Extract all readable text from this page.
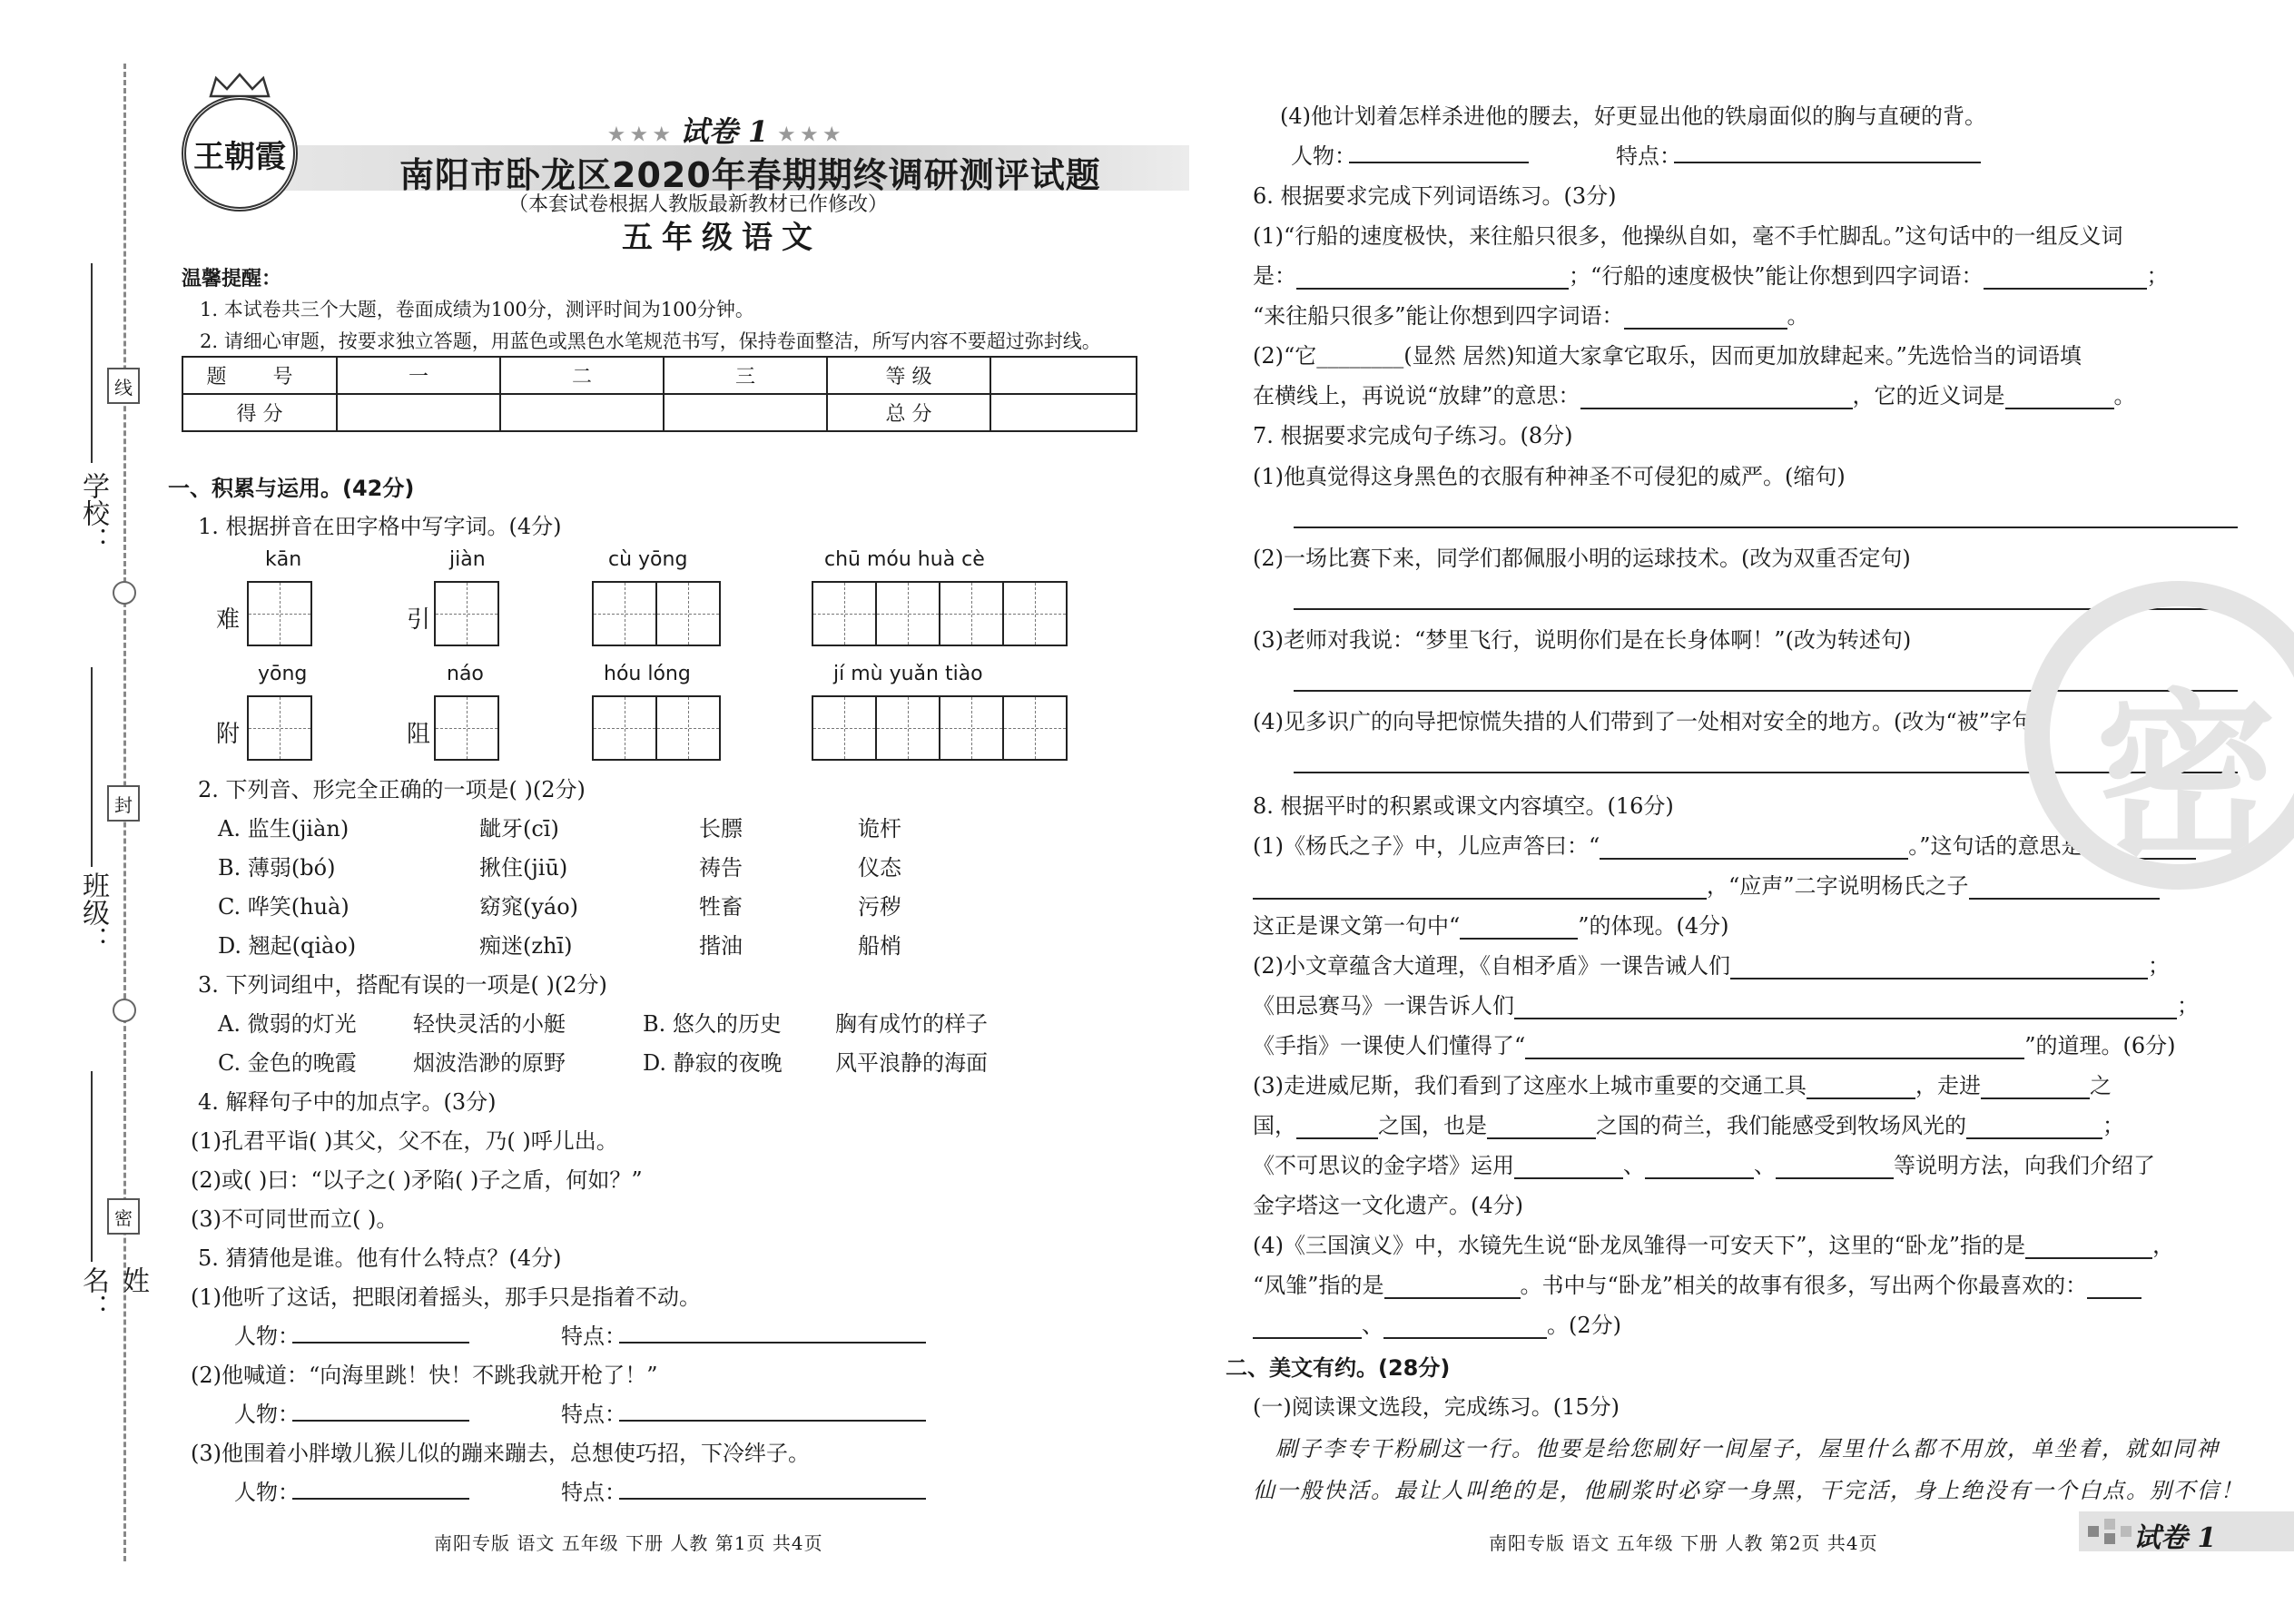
线
封
密
学校：
班级：
姓名：
王朝霞
★ ★ ★ 试卷 1 ★ ★ ★
南阳市卧龙区2020年春期期终调研测评试题
（本套试卷根据人教版最新教材已作修改）
五年级语文
温馨提醒：
1. 本试卷共三个大题，卷面成绩为100分，测评时间为100分钟。
2. 请细心审题，按要求独立答题，用蓝色或黑色水笔规范书写，保持卷面整洁，所写内容不要超过弥封线。
题 号	一	二	三	等 级	
得 分				总 分	
一、积累与运用。(42分)
1. 根据拼音在田字格中写字词。(4分)
kān
难
jiàn
引
cù yōng	chū móu huà cè
yōng
附
náo
阻
hóu lóng	jí mù yuǎn tiào
2. 下列音、形完全正确的一项是( )(2分)
A. 监生(jiàn)	龇牙(cī)	长膘	诡杆
B. 薄弱(bó)	揪住(jiū)	祷告	仪态
C. 哗笑(huà)	窈窕(yáo)	牲畜	污秽
D. 翘起(qiào)	痴迷(zhī)	揩油	船梢
3. 下列词组中，搭配有误的一项是( )(2分)
A. 微弱的灯光	轻快灵活的小艇	B. 悠久的历史 胸有成竹的样子
C. 金色的晚霞	烟波浩渺的原野	D. 静寂的夜晚 风平浪静的海面
4. 解释句子中的加点字。(3分)
(1)孔君平诣( )其父，父不在，乃( )呼儿出。
(2)或( )曰：“以子之( )矛陷( )子之盾，何如？”
(3)不可同世而立( )。
5. 猜猜他是谁。他有什么特点？(4分)
(1)他听了这话，把眼闭着摇头，那手只是指着不动。
人物：	特点：
(2)他喊道：“向海里跳！快！不跳我就开枪了！”
人物：	特点：
(3)他围着小胖墩儿猴儿似的蹦来蹦去，总想使巧招，下冷绊子。
人物：	特点：
南阳专版 语文 五年级 下册 人教 第1页 共4页
(4)他计划着怎样杀进他的腰去，好更显出他的铁扇面似的胸与直硬的背。
人物：	特点：
6. 根据要求完成下列词语练习。(3分)
(1)“行船的速度极快，来往船只很多，他操纵自如，毫不手忙脚乱。”这句话中的一组反义词
是：	；“行船的速度极快”能让你想到四字词语：	；
“来往船只很多”能让你想到四字词语：	。
(2)“它________(显然 居然)知道大家拿它取乐，因而更加放肆起来。”先选恰当的词语填
在横线上，再说说“放肆”的意思：	，它的近义词是	。
7. 根据要求完成句子练习。(8分)
(1)他真觉得这身黑色的衣服有种神圣不可侵犯的威严。(缩句)
(2)一场比赛下来，同学们都佩服小明的运球技术。(改为双重否定句)
(3)老师对我说：“梦里飞行，说明你们是在长身体啊！”(改为转述句)
(4)见多识广的向导把惊慌失措的人们带到了一处相对安全的地方。(改为“被”字句)
8. 根据平时的积累或课文内容填空。(16分)
(1)《杨氏之子》中，儿应声答曰：“	。”这句话的意思是：
，“应声”二字说明杨氏之子
这正是课文第一句中“	”的体现。(4分)
(2)小文章蕴含大道理，《自相矛盾》一课告诫人们	；
《田忌赛马》一课告诉人们	；
《手指》一课使人们懂得了“	”的道理。(6分)
(3)走进威尼斯，我们看到了这座水上城市重要的交通工具	，走进	之
国，	之国，也是	之国的荷兰，我们能感受到牧场风光的	；
《不可思议的金字塔》运用	、	、	等说明方法，向我们介绍了
金字塔这一文化遗产。(4分)
(4)《三国演义》中，水镜先生说“卧龙凤雏得一可安天下”，这里的“卧龙”指的是	，
“凤雏”指的是	。书中与“卧龙”相关的故事有很多，写出两个你最喜欢的：
、	。(2分)
二、美文有约。(28分)
(一)阅读课文选段，完成练习。(15分)
刷子李专干粉刷这一行。他要是给您刷好一间屋子，屋里什么都不用放，单坐着，就如同神
仙一般快活。最让人叫绝的是，他刷浆时必穿一身黑，干完活，身上绝没有一个白点。别不信！
南阳专版 语文 五年级 下册 人教 第2页 共4页
密
试卷 1
